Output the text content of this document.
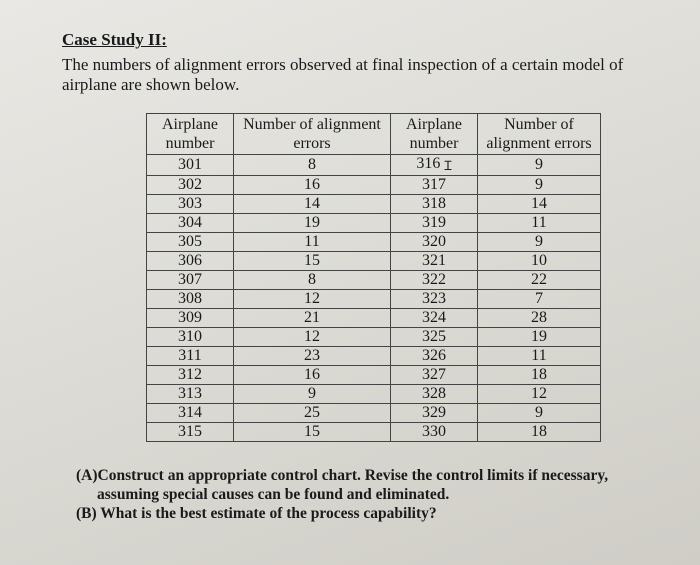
Case Study II:
The numbers of alignment errors observed at final inspection of a certain model of airplane are shown below.
Airplane number	Number of alignment errors	Airplane number	Number of alignment errors
301	8	316 Ɪ	9
302	16	317	9
303	14	318	14
304	19	319	11
305	11	320	9
306	15	321	10
307	8	322	22
308	12	323	7
309	21	324	28
310	12	325	19
311	23	326	11
312	16	327	18
313	9	328	12
314	25	329	9
315	15	330	18
(A)Construct an appropriate control chart. Revise the control limits if necessary,
assuming special causes can be found and eliminated.
(B) What is the best estimate of the process capability?
